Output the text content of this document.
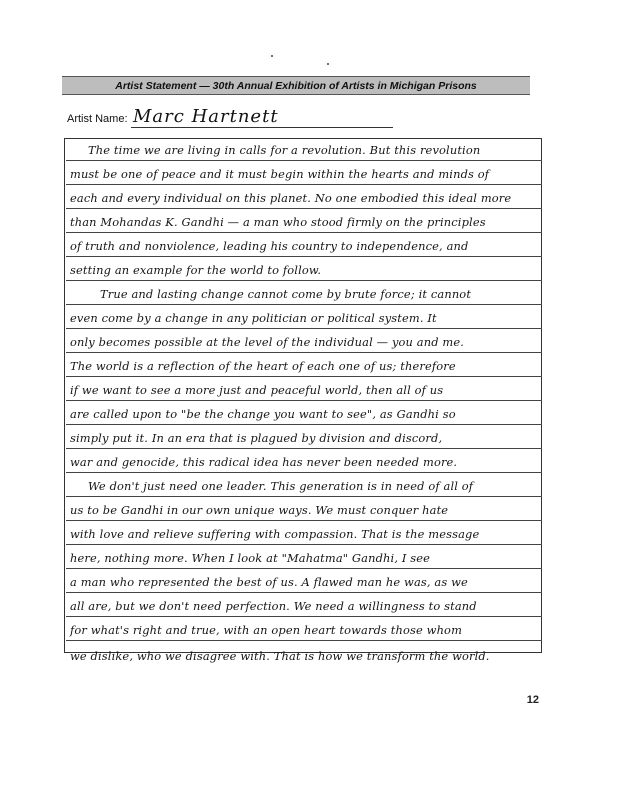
Artist Statement — 30th Annual Exhibition of Artists in Michigan Prisons
Artist Name: Marc Hartnett
The time we are living in calls for a revolution. But this revolution
must be one of peace and it must begin within the hearts and minds of
each and every individual on this planet. No one embodied this ideal more
than Mohandas K. Gandhi — a man who stood firmly on the principles
of truth and nonviolence, leading his country to independence, and
setting an example for the world to follow.
True and lasting change cannot come by brute force; it cannot
even come by a change in any politician or political system. It
only becomes possible at the level of the individual — you and me.
The world is a reflection of the heart of each one of us; therefore
if we want to see a more just and peaceful world, then all of us
are called upon to "be the change you want to see", as Gandhi so
simply put it. In an era that is plagued by division and discord,
war and genocide, this radical idea has never been needed more.
We don't just need one leader. This generation is in need of all of
us to be Gandhi in our own unique ways. We must conquer hate
with love and relieve suffering with compassion. That is the message
here, nothing more. When I look at "Mahatma" Gandhi, I see
a man who represented the best of us. A flawed man he was, as we
all are, but we don't need perfection. We need a willingness to stand
for what's right and true, with an open heart towards those whom
we dislike, who we disagree with. That is how we transform the world.
12
